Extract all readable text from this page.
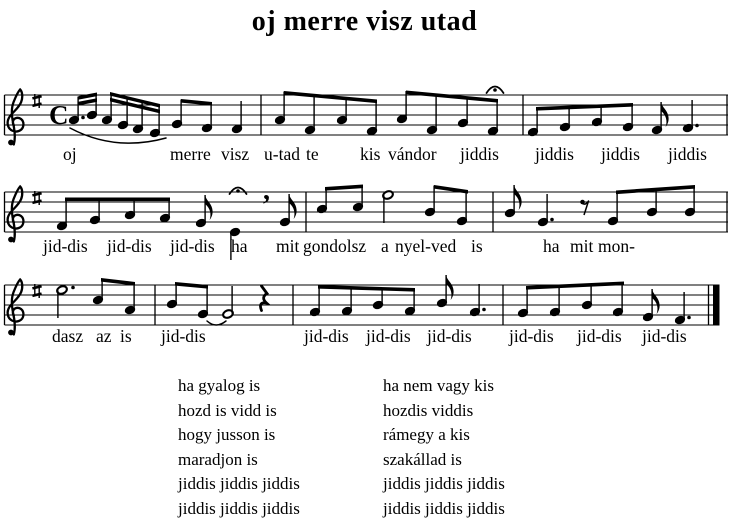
oj merre visz utad
C
,
oj	merre visz u-tad te kis vándor jiddis jiddis jiddis jiddis
jid-dis jid-dis jid-dis ha mit gondolsz a nyel-ved is	ha mit mon-
dasz az is jid-dis	jid-dis jid-dis jid-dis jid-dis jid-dis jid-dis
ha gyalog is
hozd is vidd is
hogy jusson is
maradjon is
jiddis jiddis jiddis
jiddis jiddis jiddis
ha nem vagy kis
hozdis viddis
rámegy a kis
szakállad is
jiddis jiddis jiddis
jiddis jiddis jiddis
